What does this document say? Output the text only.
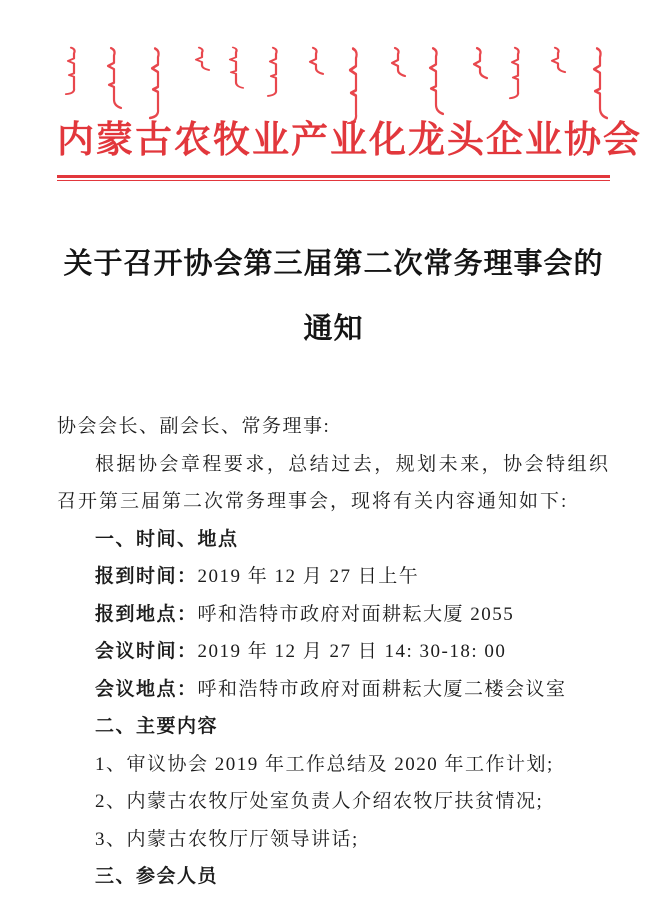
内蒙古农牧业产业化龙头企业协会
关于召开协会第三届第二次常务理事会的
通知

协会会长、副会长、常务理事:

根据协会章程要求，总结过去，规划未来，协会特组织召开第三届第二次常务理事会，现将有关内容通知如下:

一、时间、地点

报到时间：2019 年 12 月 27 日上午

报到地点：呼和浩特市政府对面耕耘大厦 2055

会议时间：2019 年 12 月 27 日 14: 30-18: 00

会议地点：呼和浩特市政府对面耕耘大厦二楼会议室

二、主要内容

1、审议协会 2019 年工作总结及 2020 年工作计划;

2、内蒙古农牧厅处室负责人介绍农牧厅扶贫情况;

3、内蒙古农牧厅厅领导讲话;

三、参会人员
